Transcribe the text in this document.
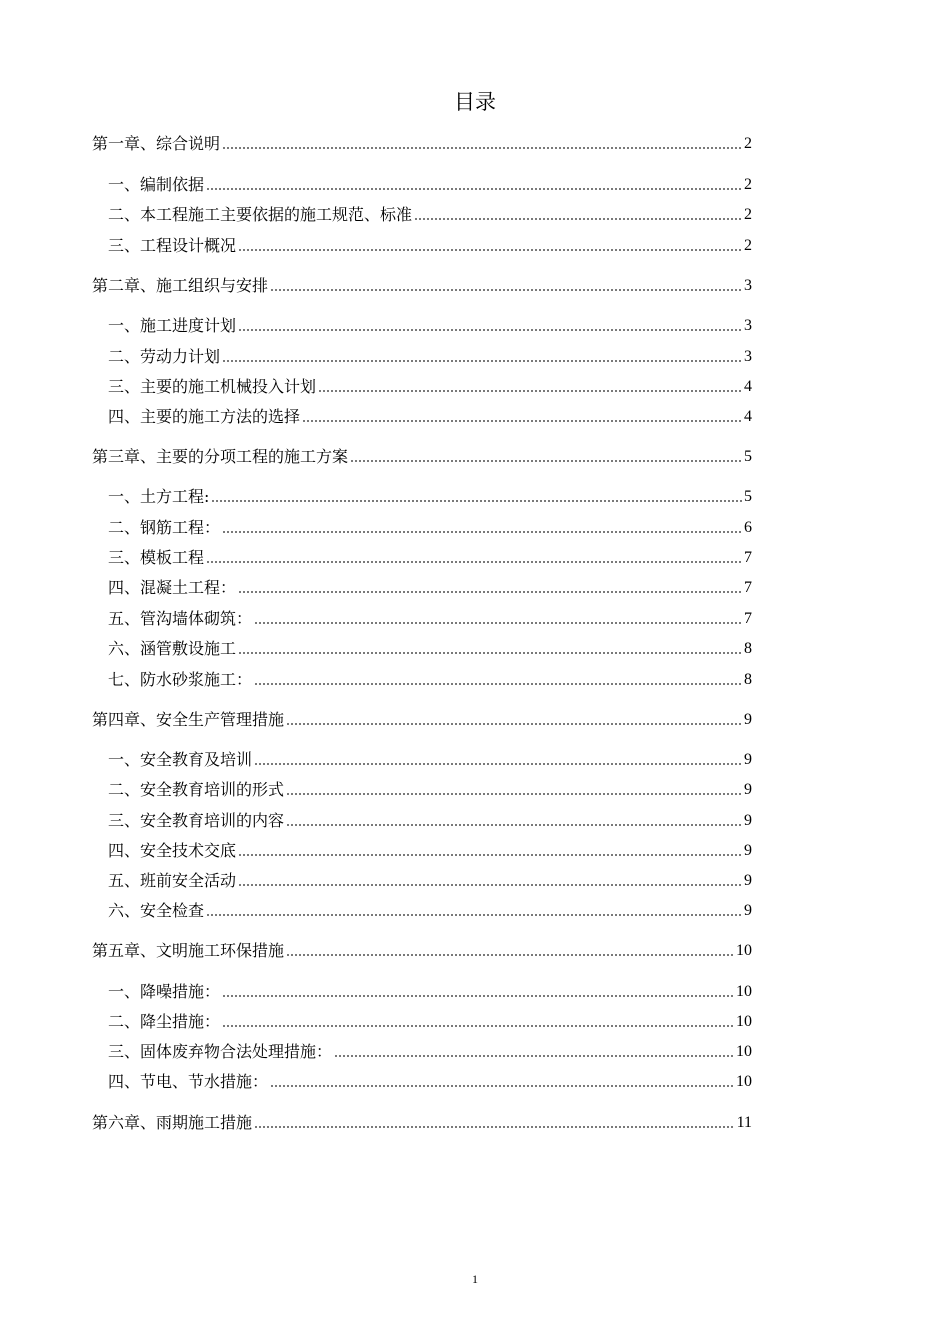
目录
第一章、综合说明	2
一、编制依据	2
二、本工程施工主要依据的施工规范、标准	2
三、工程设计概况	2
第二章、施工组织与安排	3
一、施工进度计划	3
二、劳动力计划	3
三、主要的施工机械投入计划	4
四、主要的施工方法的选择	4
第三章、主要的分项工程的施工方案	5
一、土方工程:	5
二、钢筋工程：	6
三、模板工程	7
四、混凝土工程：	7
五、管沟墙体砌筑：	7
六、涵管敷设施工	8
七、防水砂浆施工：	8
第四章、安全生产管理措施	9
一、安全教育及培训	9
二、安全教育培训的形式	9
三、安全教育培训的内容	9
四、安全技术交底	9
五、班前安全活动	9
六、安全检查	9
第五章、文明施工环保措施	10
一、降噪措施：	10
二、降尘措施：	10
三、固体废弃物合法处理措施：	10
四、节电、节水措施：	10
第六章、雨期施工措施	11
1
